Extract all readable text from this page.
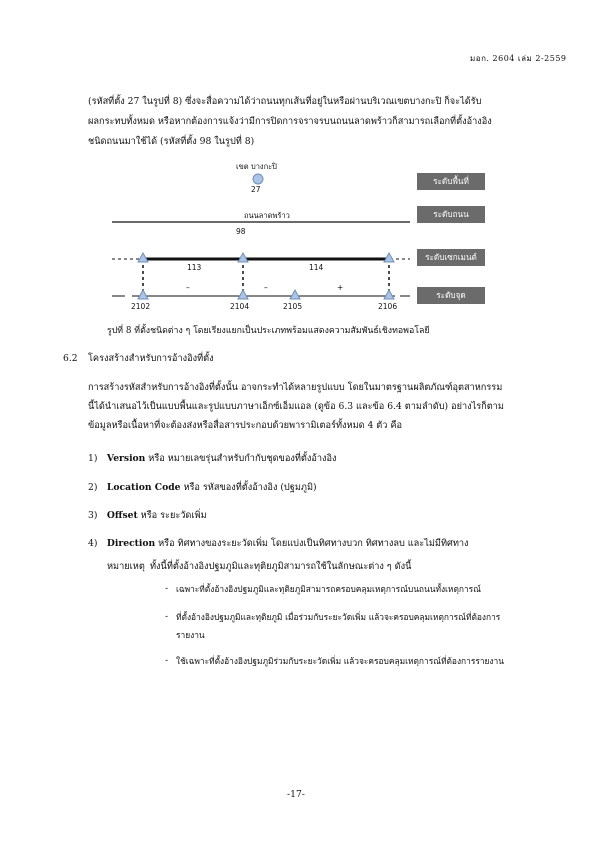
มอก. 2604 เล่ม 2-2559
(รหัสที่ตั้ง 27 ในรูปที่ 8) ซึ่งจะสื่อความได้ว่าถนนทุกเส้นที่อยู่ในหรือผ่านบริเวณเขตบางกะปิ ก็จะได้รับ
ผลกระทบทั้งหมด หรือหากต้องการแจ้งว่ามีการปิดการจราจรบนถนนลาดพร้าวก็สามารถเลือกที่ตั้งอ้างอิง
ชนิดถนนมาใช้ได้ (รหัสที่ตั้ง 98 ในรูปที่ 8)
เขต บางกะปิ
27
ถนนลาดพร้าว
98
113	114
–	–	+
2102	2104	2105	2106
ระดับพื้นที่
ระดับถนน
ระดับเซกเมนต์
ระดับจุด
รูปที่ 8 ที่ตั้งชนิดต่าง ๆ โดยเรียงแยกเป็นประเภทพร้อมแสดงความสัมพันธ์เชิงทอพอโลยี
6.2 โครงสร้างสำหรับการอ้างอิงที่ตั้ง
การสร้างรหัสสำหรับการอ้างอิงที่ตั้งนั้น อาจกระทำได้หลายรูปแบบ โดยในมาตรฐานผลิตภัณฑ์อุตสาหกรรม
นี้ได้นำเสนอไว้เป็นแบบพื้นและรูปแบบภาษาเอ็กซ์เอ็มแอล (ดูข้อ 6.3 และข้อ 6.4 ตามลำดับ) อย่างไรก็ตาม
ข้อมูลหรือเนื้อหาที่จะต้องส่งหรือสื่อสารประกอบด้วยพารามิเตอร์ทั้งหมด 4 ตัว คือ
1) Version หรือ หมายเลขรุ่นสำหรับกำกับชุดของที่ตั้งอ้างอิง
2) Location Code หรือ รหัสของที่ตั้งอ้างอิง (ปฐมภูมิ)
3) Offset หรือ ระยะวัดเพิ่ม
4) Direction หรือ ทิศทางของระยะวัดเพิ่ม โดยแบ่งเป็นทิศทางบวก ทิศทางลบ และไม่มีทิศทาง
หมายเหตุ ทั้งนี้ที่ตั้งอ้างอิงปฐมภูมิและทุติยภูมิสามารถใช้ในลักษณะต่าง ๆ ดังนี้
- เฉพาะที่ตั้งอ้างอิงปฐมภูมิและทุติยภูมิสามารถครอบคลุมเหตุการณ์บนถนนทั้งเหตุการณ์
- ที่ตั้งอ้างอิงปฐมภูมิและทุติยภูมิ เมื่อร่วมกับระยะวัดเพิ่ม แล้วจะครอบคลุมเหตุการณ์ที่ต้องการ
รายงาน
- ใช้เฉพาะที่ตั้งอ้างอิงปฐมภูมิร่วมกับระยะวัดเพิ่ม แล้วจะครอบคลุมเหตุการณ์ที่ต้องการรายงาน
-17-
